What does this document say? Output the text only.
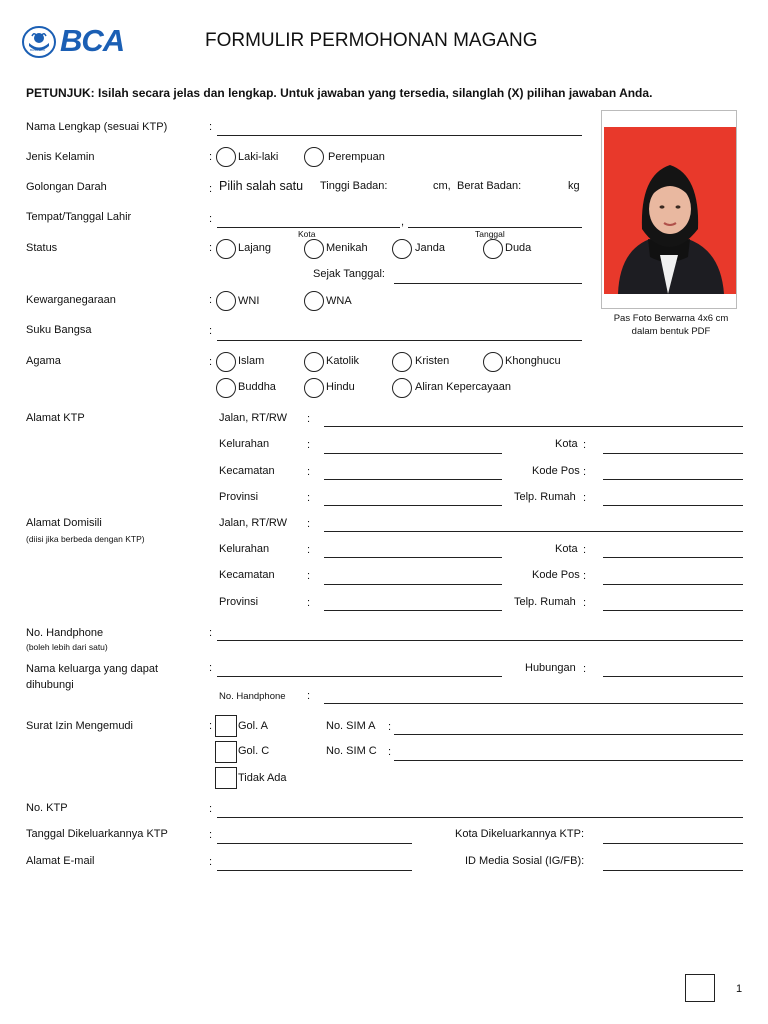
BANK BCA BCA	FORMULIR PERMOHONAN MAGANG
PETUNJUK: Isilah secara jelas dan lengkap. Untuk jawaban yang tersedia, silanglah (X) pilihan jawaban Anda.
Pas Foto Berwarna 4x6 cm
dalam bentuk PDF
Nama Lengkap (sesuai KTP)	:
Jenis Kelamin	: Laki-laki	Perempuan
Golongan Darah	: Pilih salah satu Tinggi Badan:	cm, Berat Badan:	kg
Tempat/Tanggal Lahir	:	,
Kota	Tanggal
Status	: Lajang	Menikah	Janda	Duda
Sejak Tanggal:
Kewarganegaraan	: WNI	WNA
Suku Bangsa	:
Agama	: Islam	Katolik	Kristen	Khonghucu
Buddha	Hindu	Aliran Kepercayaan
Alamat KTP	Jalan, RT/RW :
Kelurahan	:	Kota :
Kecamatan	:	Kode Pos :
Provinsi	:	Telp. Rumah :
Alamat Domisili
(diisi jika berbeda dengan KTP)
Jalan, RT/RW :
Kelurahan	:	Kota :
Kecamatan	:	Kode Pos :
Provinsi	:	Telp. Rumah :
No. Handphone
(boleh lebih dari satu)
:
Nama keluarga yang dapat
dihubungi
:	Hubungan :
No. Handphone :
Surat Izin Mengemudi	: Gol. A	No. SIM A :
Gol. C	No. SIM C :
Tidak Ada
No. KTP	:
Tanggal Dikeluarkannya KTP	:	Kota Dikeluarkannya KTP:
Alamat E-mail	:	ID Media Sosial (IG/FB):
1
